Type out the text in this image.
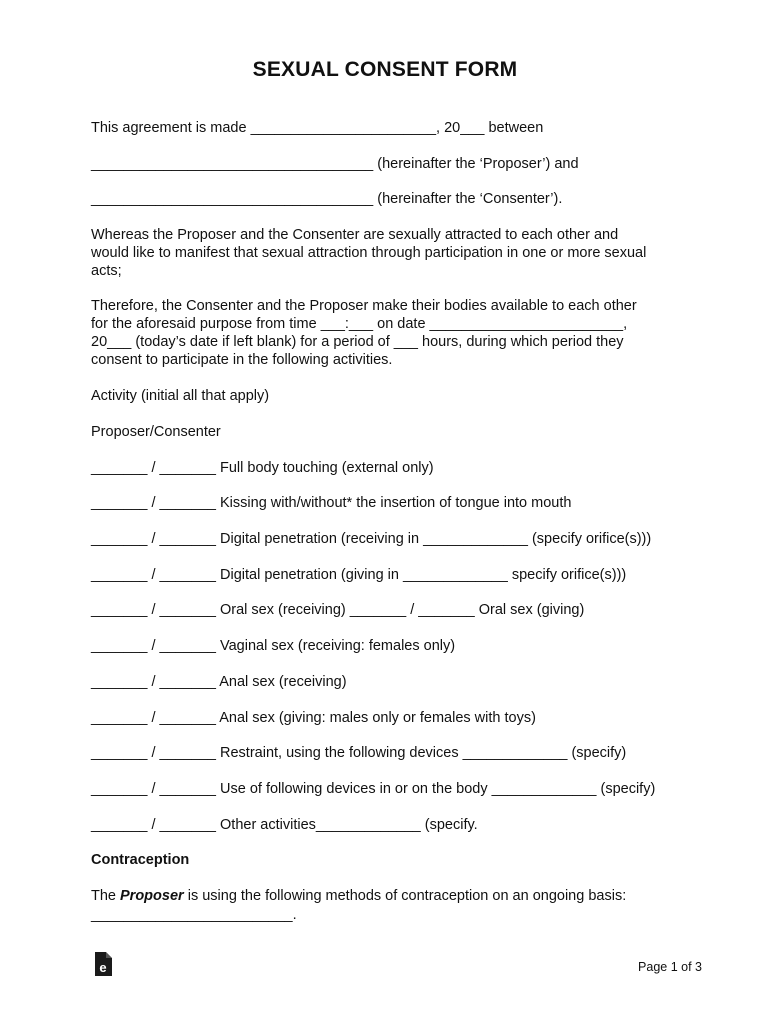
SEXUAL CONSENT FORM
This agreement is made _______________________, 20___ between
___________________________________ (hereinafter the ‘Proposer’) and
___________________________________ (hereinafter the ‘Consenter’).
Whereas the Proposer and the Consenter are sexually attracted to each other and
would like to manifest that sexual attraction through participation in one or more sexual
acts;
Therefore, the Consenter and the Proposer make their bodies available to each other
for the aforesaid purpose from time ___:___ on date ________________________,
20___ (today’s date if left blank) for a period of ___ hours, during which period they
consent to participate in the following activities.
Activity (initial all that apply)
Proposer/Consenter
_______ / _______ Full body touching (external only)
_______ / _______ Kissing with/without* the insertion of tongue into mouth
_______ / _______ Digital penetration (receiving in _____________ (specify orifice(s)))
_______ / _______ Digital penetration (giving in _____________ specify orifice(s)))
_______ / _______ Oral sex (receiving) _______ / _______ Oral sex (giving)
_______ / _______ Vaginal sex (receiving: females only)
_______ / _______ Anal sex (receiving)
_______ / _______ Anal sex (giving: males only or females with toys)
_______ / _______ Restraint, using the following devices _____________ (specify)
_______ / _______ Use of following devices in or on the body _____________ (specify)
_______ / _______ Other activities_____________ (specify.
Contraception
The Proposer is using the following methods of contraception on an ongoing basis:
_________________________.
e	Page 1 of 3
